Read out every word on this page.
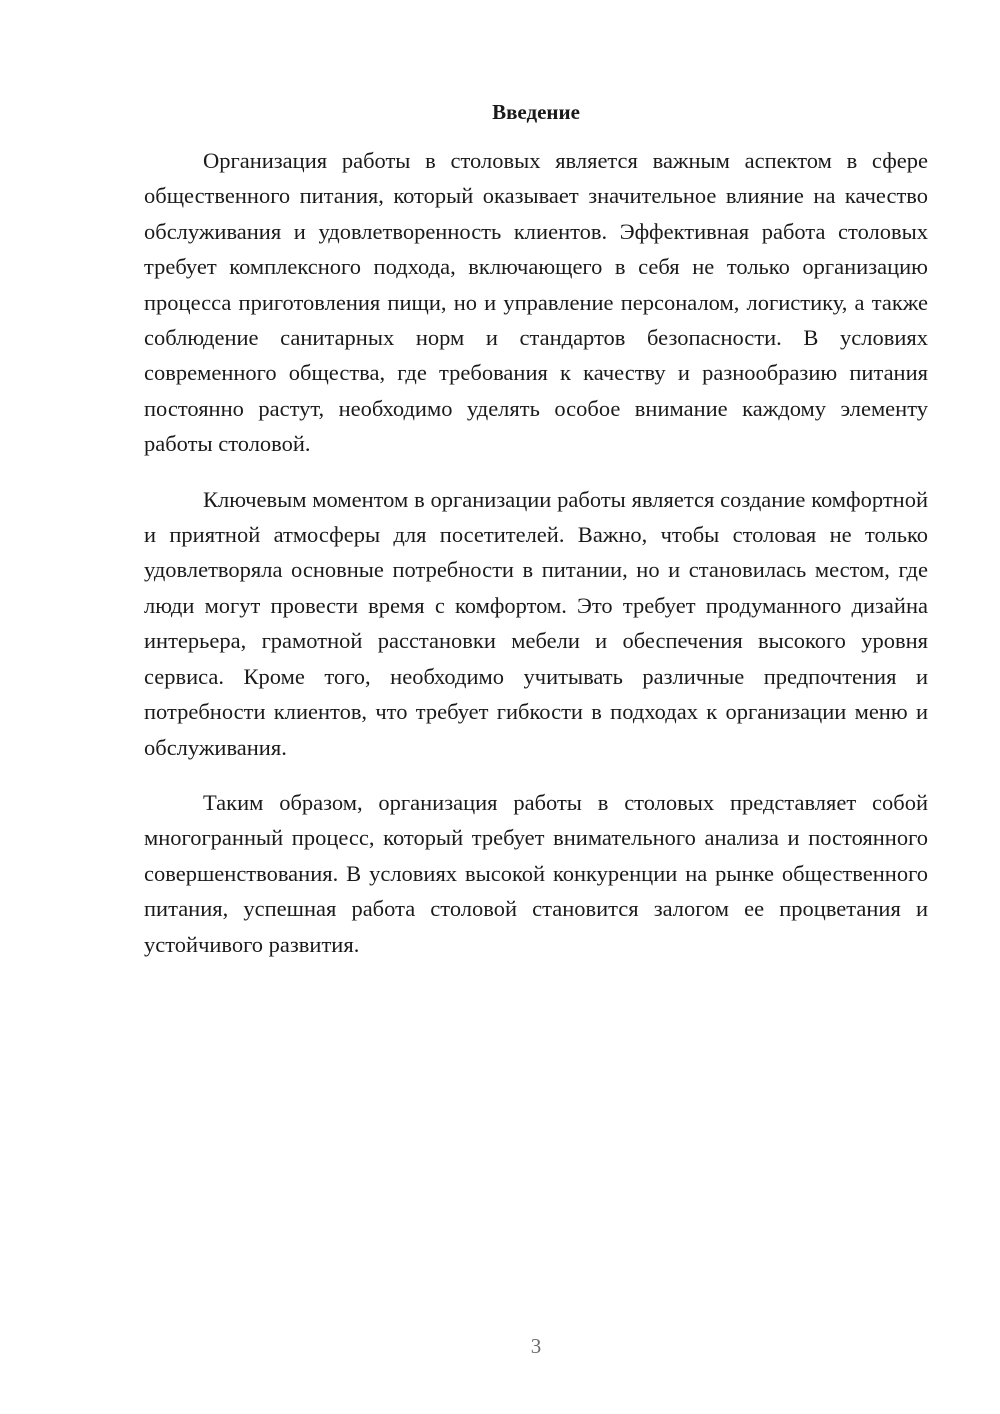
Введение

Организация работы в столовых является важным аспектом в сфере общественного питания, который оказывает значительное влияние на качество обслуживания и удовлетворенность клиентов. Эффективная работа столовых требует комплексного подхода, включающего в себя не только организацию процесса приготовления пищи, но и управление персоналом, логистику, а также соблюдение санитарных норм и стандартов безопасности. В условиях современного общества, где требования к качеству и разнообразию питания постоянно растут, необходимо уделять особое внимание каждому элементу работы столовой.

Ключевым моментом в организации работы является создание комфортной и приятной атмосферы для посетителей. Важно, чтобы столовая не только удовлетворяла основные потребности в питании, но и становилась местом, где люди могут провести время с комфортом. Это требует продуманного дизайна интерьера, грамотной расстановки мебели и обеспечения высокого уровня сервиса. Кроме того, необходимо учитывать различные предпочтения и потребности клиентов, что требует гибкости в подходах к организации меню и обслуживания.

Таким образом, организация работы в столовых представляет собой многогранный процесс, который требует внимательного анализа и постоянного совершенствования. В условиях высокой конкуренции на рынке общественного питания, успешная работа столовой становится залогом ее процветания и устойчивого развития.

3
